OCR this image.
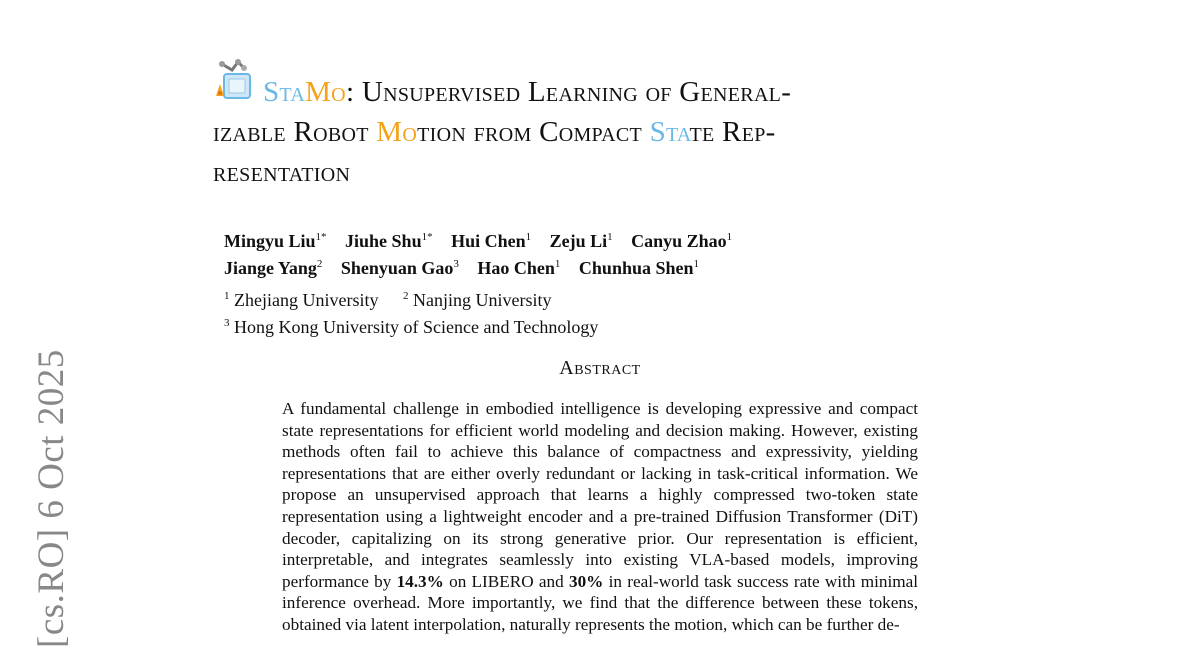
[cs.RO] 6 Oct 2025
StaMo: Unsupervised Learning of General-
izable Robot Motion from Compact State Rep-
resentation
Mingyu Liu$^{1*}$ Jiuhe Shu$^{1*}$ Hui Chen$^1$ Zeju Li$^1$ Canyu Zhao$^1$
Jiange Yang$^2$ Shenyuan Gao$^3$ Hao Chen$^1$ Chunhua Shen$^1$
$^1$ Zhejiang University $^2$ Nanjing University
$^3$ Hong Kong University of Science and Technology
Abstract
A fundamental challenge in embodied intelligence is developing expressive and compact state representations for efficient world modeling and decision making. However, existing methods often fail to achieve this balance of compactness and expressivity, yielding representations that are either overly redundant or lacking in task-critical information. We propose an unsupervised approach that learns a highly compressed two-token state representation using a lightweight encoder and a pre-trained Diffusion Transformer (DiT) decoder, capitalizing on its strong generative prior. Our representation is efficient, interpretable, and integrates seamlessly into existing VLA-based models, improving performance by 14.3% on LIBERO and 30% in real-world task success rate with minimal inference overhead. More importantly, we find that the difference between these tokens, obtained via latent interpolation, naturally represents the motion, which can be further de-
